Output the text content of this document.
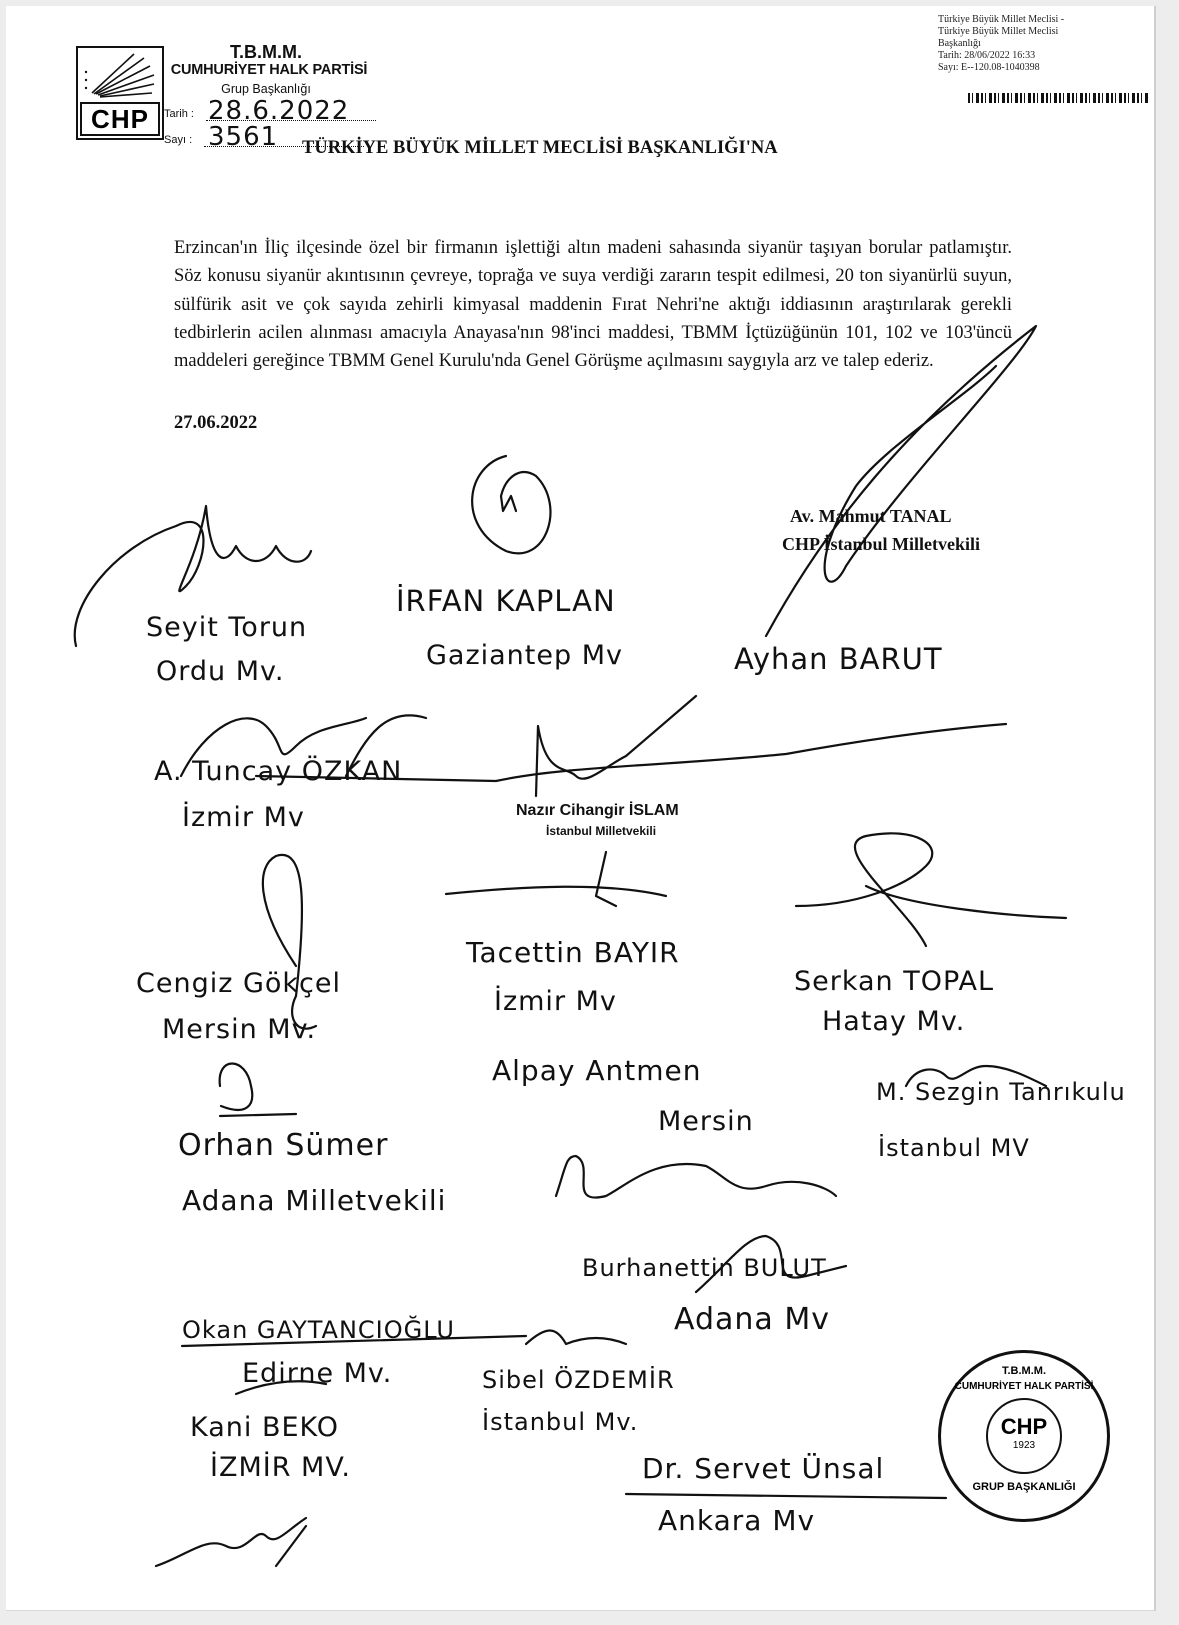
CHP
T.B.M.M.
CUMHURİYET HALK PARTİSİ
Grup Başkanlığı
Tarih : 28.6.2022
Sayı : 3561 TÜRKİYE BÜYÜK MİLLET MECLİSİ BAŞKANLIĞI'NA
Türkiye Büyük Millet Meclisi -
Türkiye Büyük Millet Meclisi
Başkanlığı
Tarih: 28/06/2022 16:33
Sayı: E--120.08-1040398

Erzincan'ın İliç ilçesinde özel bir firmanın işlettiği altın madeni sahasında siyanür taşıyan borular patlamıştır. Söz konusu siyanür akıntısının çevreye, toprağa ve suya verdiği zararın tespit edilmesi, 20 ton siyanürlü suyun, sülfürik asit ve çok sayıda zehirli kimyasal maddenin Fırat Nehri'ne aktığı iddiasının araştırılarak gerekli tedbirlerin acilen alınması amacıyla Anayasa'nın 98'inci maddesi, TBMM İçtüzüğünün 101, 102 ve 103'üncü maddeleri gereğince TBMM Genel Kurulu'nda Genel Görüşme açılmasını saygıyla arz ve talep ederiz.

27.06.2022
Av. Mahmut TANAL
CHP İstanbul Milletvekili
Nazır Cihangir İSLAM
İstanbul Milletvekili
Seyit Torun
Ordu Mv.
İRFAN KAPLAN
Gaziantep Mv	Ayhan BARUT
A. Tuncay ÖZKAN
İzmir Mv
Cengiz Gökçel
Mersin Mv.
Tacettin BAYIR
İzmir Mv
Serkan TOPAL
Hatay Mv.
Alpay Antmen
Mersin
M. Sezgin Tanrıkulu
İstanbul MV
Orhan Sümer
Adana Milletvekili
Burhanettin BULUT
Adana Mv
Okan GAYTANCIOĞLU
Edirne Mv.	Sibel ÖZDEMİR
İstanbul Mv.
Kani BEKO
İZMİR MV.	Dr. Servet Ünsal
Ankara Mv
T.B.M.M.
CUMHURİYET HALK PARTİSİ
CHP
1923
GRUP BAŞKANLIĞI
